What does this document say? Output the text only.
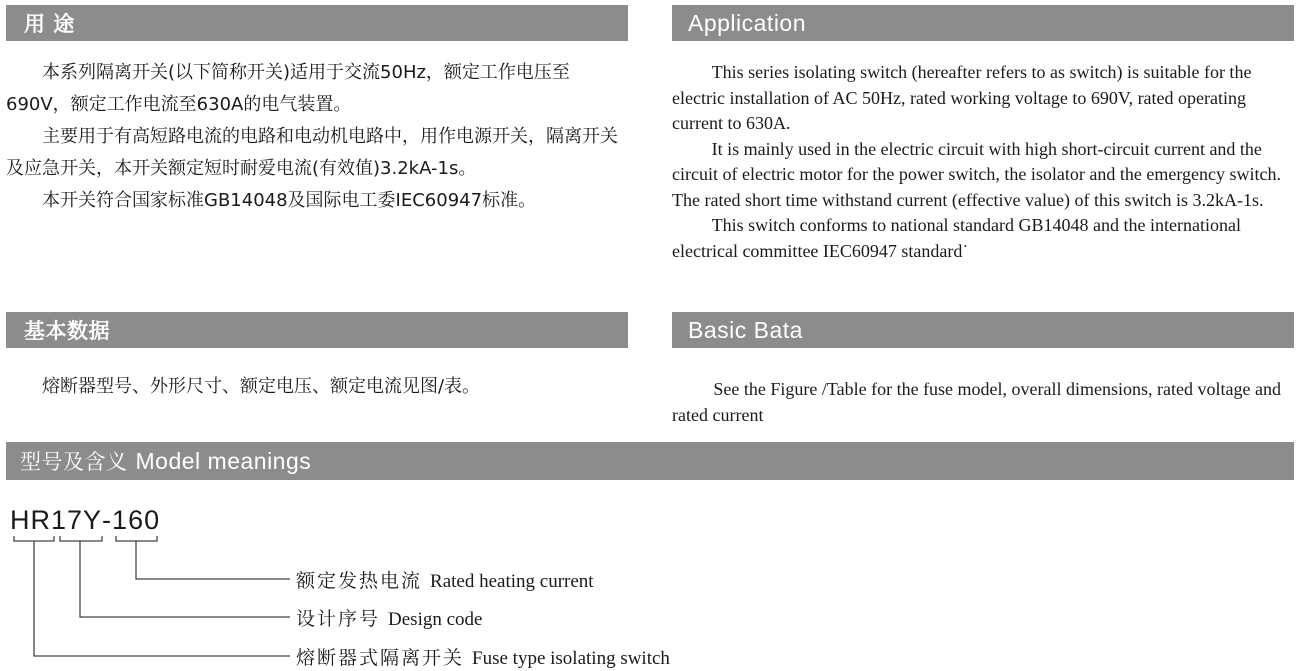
用 途	Application

本系列隔离开关(以下简称开关)适用于交流50Hz，额定工作电压至690V，额定工作电流至630A的电气装置。

主要用于有高短路电流的电路和电动机电路中，用作电源开关，隔离开关及应急开关，本开关额定短时耐爱电流(有效值)3.2kA-1s。

本开关符合国家标准GB14048及国际电工委IEC60947标准。

This series isolating switch (hereafter refers to as switch) is suitable for the electric installation of AC 50Hz, rated working voltage to 690V, rated operating current to 630A.

It is mainly used in the electric circuit with high short-circuit current and the circuit of electric motor for the power switch, the isolator and the emergency switch. The rated short time withstand current (effective value) of this switch is 3.2kA-1s.

This switch conforms to national standard GB14048 and the international electrical committee IEC60947 standard˙

基本数据	Basic Bata

熔断器型号、外形尺寸、额定电压、额定电流见图/表。	See the Figure /Table for the fuse model, overall dimensions, rated voltage and rated current

型号及含义 Model meanings
HR 17Y - 160
额定发热电流 Rated heating current
设计序号 Design code
熔断器式隔离开关 Fuse type isolating switch
